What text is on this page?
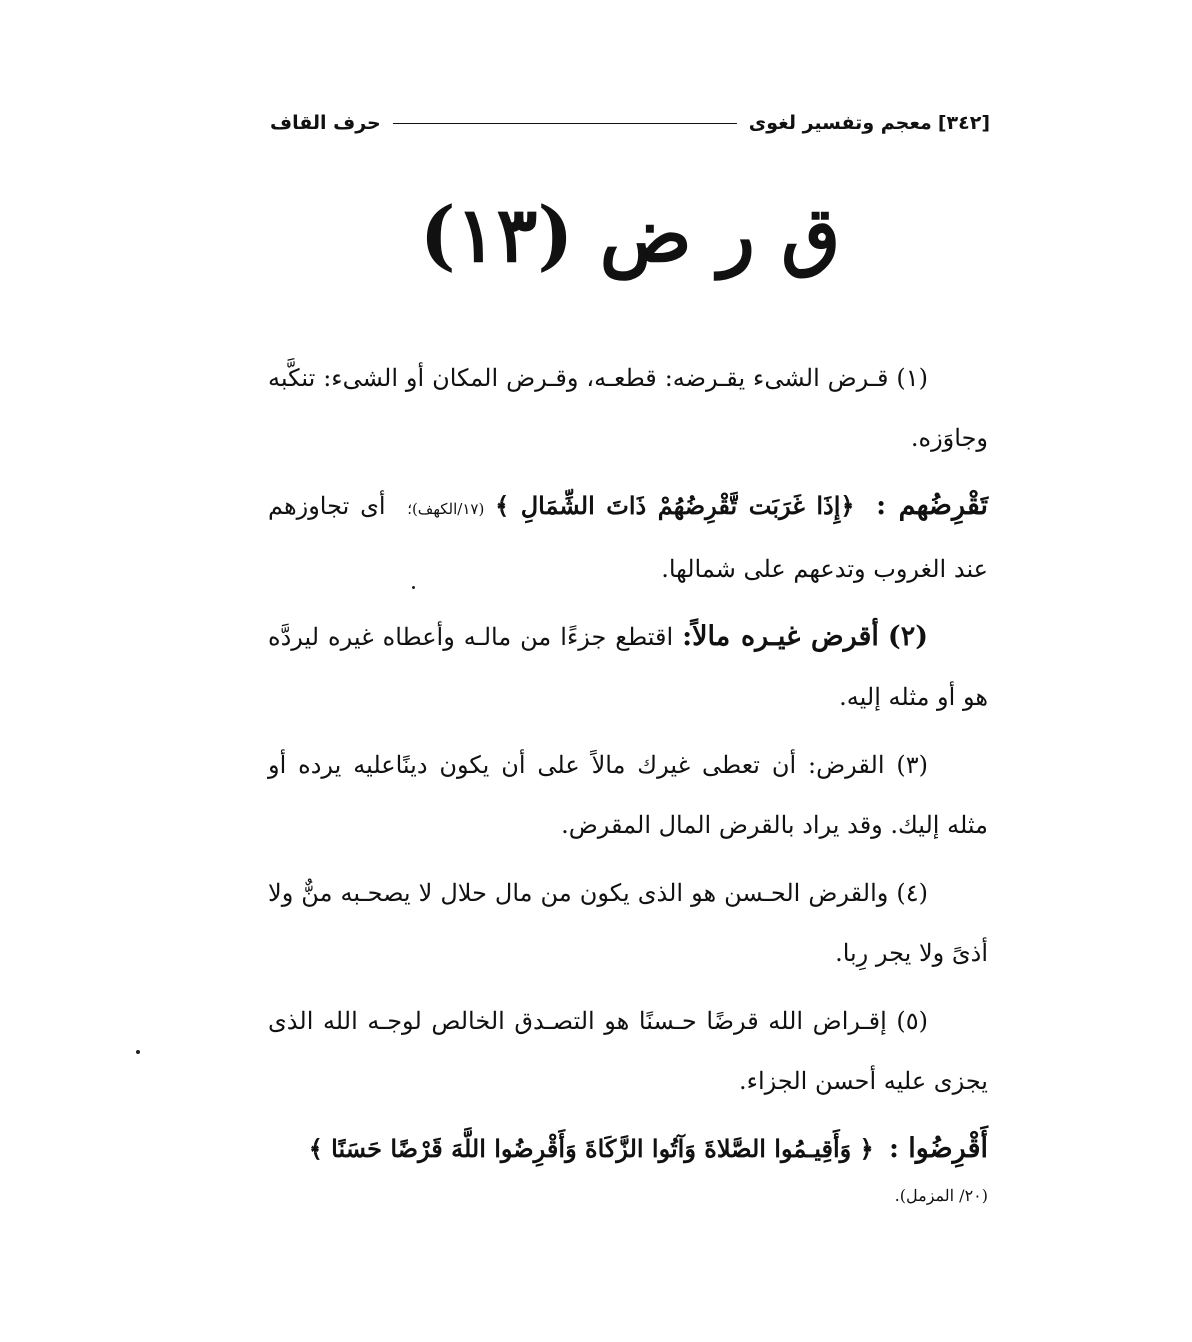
[٣٤٢]
معجم وتفسير لغوى
حرف القاف
ق ر ض (١٣)

(١) قـرض الشىء يقـرضه: قطعـه، وقـرض المكان أو الشىء: تنكَّبه وجاوَزه.

تَقْرِضُهم :  ﴿إِذَا غَرَبَت تَّقْرِضُهُمْ ذَاتَ الشِّمَالِ ﴾ (١٧/الكهف)؛  أى تجاوزهم عند الغروب وتدعهم على شمالها.

(٢) أقرض غيـره مالاً: اقتطع جزءًا من مالـه وأعطاه غيره ليردَّه هو أو مثله إليه.

(٣) القرض: أن تعطى غيرك مالاً على أن يكون دينًاعليه يرده أو مثله إليك. وقد يراد بالقرض المال المقرض.

(٤) والقرض الحـسن هو الذى يكون من مال حلال لا يصحـبه منٌّ ولا أذىً ولا يجر رِبا.

(٥) إقـراض الله قرضًا حـسنًا هو التصـدق الخالص لوجـه الله الذى يجزى عليه أحسن الجزاء.

أَقْرِضُوا :  ﴿ وَأَقِيـمُوا الصَّلاةَ وَآتُوا الزَّكَاةَ وَأَقْرِضُوا اللَّهَ قَرْضًا حَسَنًا ﴾

(٢٠/ المزمل).
